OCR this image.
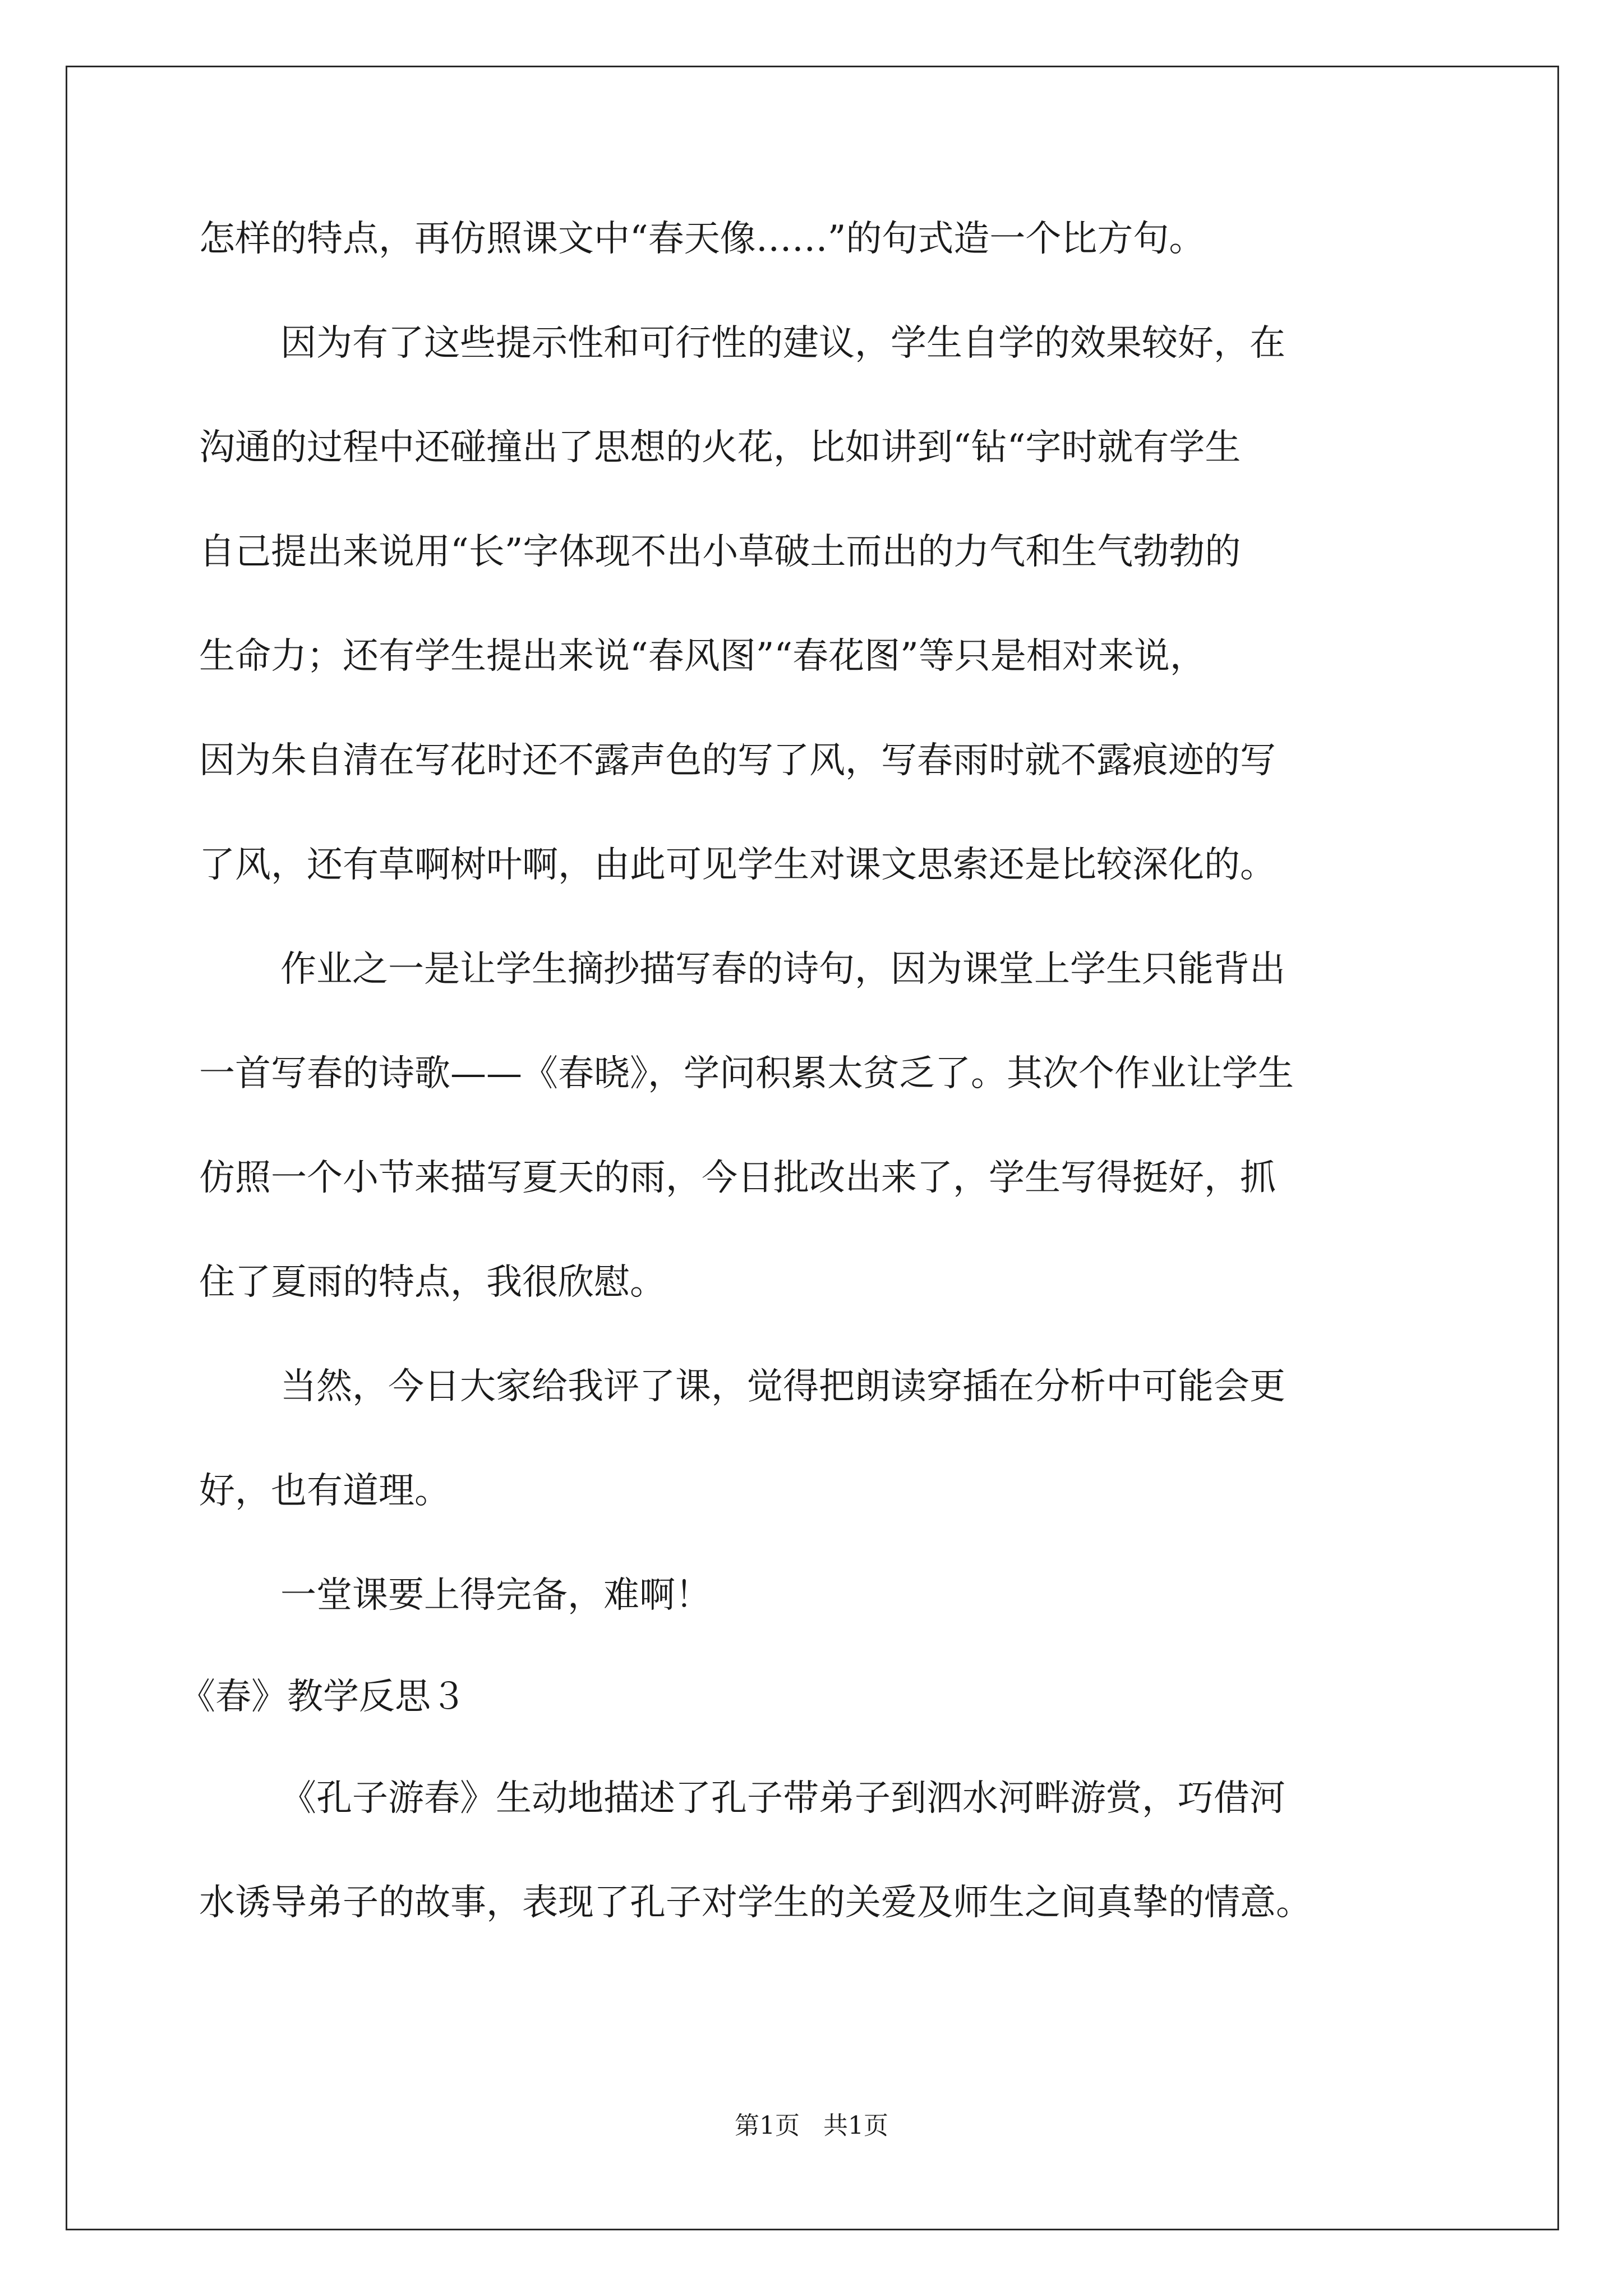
怎样的特点，再仿照课文中“春天像……”的句式造一个比方句。
因为有了这些提示性和可行性的建议，学生自学的效果较好，在
沟通的过程中还碰撞出了思想的火花，比如讲到“钻“字时就有学生
自己提出来说用“长”字体现不出小草破土而出的力气和生气勃勃的
生命力；还有学生提出来说“春风图”“春花图”等只是相对来说，
因为朱自清在写花时还不露声色的写了风，写春雨时就不露痕迹的写
了风，还有草啊树叶啊，由此可见学生对课文思索还是比较深化的。
作业之一是让学生摘抄描写春的诗句，因为课堂上学生只能背出
一首写春的诗歌——《春晓》，学问积累太贫乏了。其次个作业让学生
仿照一个小节来描写夏天的雨，今日批改出来了，学生写得挺好，抓
住了夏雨的特点，我很欣慰。
当然，今日大家给我评了课，觉得把朗读穿插在分析中可能会更
好，也有道理。
一堂课要上得完备，难啊！
《春》教学反思３
《孔子游春》生动地描述了孔子带弟子到泗水河畔游赏，巧借河
水诱导弟子的故事，表现了孔子对学生的关爱及师生之间真挚的情意。
第1页 共1页
